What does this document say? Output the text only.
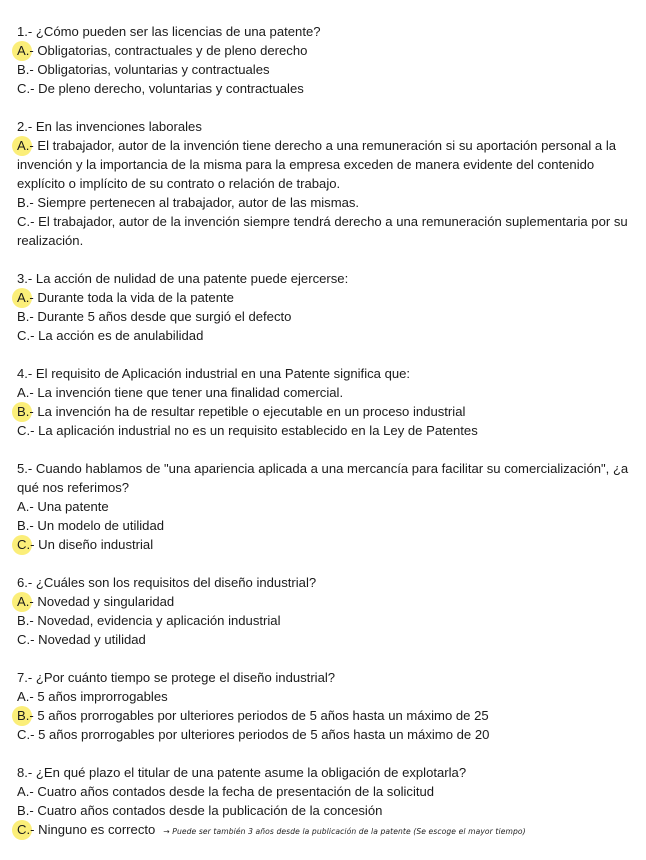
1.- ¿Cómo pueden ser las licencias de una patente?
A.- Obligatorias, contractuales y de pleno derecho
B.- Obligatorias, voluntarias y contractuales
C.- De pleno derecho, voluntarias y contractuales
2.- En las invenciones laborales
A.- El trabajador, autor de la invención tiene derecho a una remuneración si su aportación personal a la invención y la importancia de la misma para la empresa exceden de manera evidente del contenido explícito o implícito de su contrato o relación de trabajo.
B.- Siempre pertenecen al trabajador, autor de las mismas.
C.- El trabajador, autor de la invención siempre tendrá derecho a una remuneración suplementaria por su realización.
3.- La acción de nulidad de una patente puede ejercerse:
A.- Durante toda la vida de la patente
B.- Durante 5 años desde que surgió el defecto
C.- La acción es de anulabilidad
4.- El requisito de Aplicación industrial en una Patente significa que:
A.- La invención tiene que tener una finalidad comercial.
B.- La invención ha de resultar repetible o ejecutable en un proceso industrial
C.- La aplicación industrial no es un requisito establecido en la Ley de Patentes
5.- Cuando hablamos de "una apariencia aplicada a una mercancía para facilitar su comercialización", ¿a qué nos referimos?
A.- Una patente
B.- Un modelo de utilidad
C.- Un diseño industrial
6.- ¿Cuáles son los requisitos del diseño industrial?
A.- Novedad y singularidad
B.- Novedad, evidencia y aplicación industrial
C.- Novedad y utilidad
7.- ¿Por cuánto tiempo se protege el diseño industrial?
A.- 5 años improrrogables
B.- 5 años prorrogables por ulteriores periodos de 5 años hasta un máximo de 25
C.- 5 años prorrogables por ulteriores periodos de 5 años hasta un máximo de 20
8.- ¿En qué plazo el titular de una patente asume la obligación de explotarla?
A.- Cuatro años contados desde la fecha de presentación de la solicitud
B.- Cuatro años contados desde la publicación de la concesión
C.- Ninguno es correcto → Puede ser también 3 años desde la publicación de la patente (Se escoge el mayor tiempo)
